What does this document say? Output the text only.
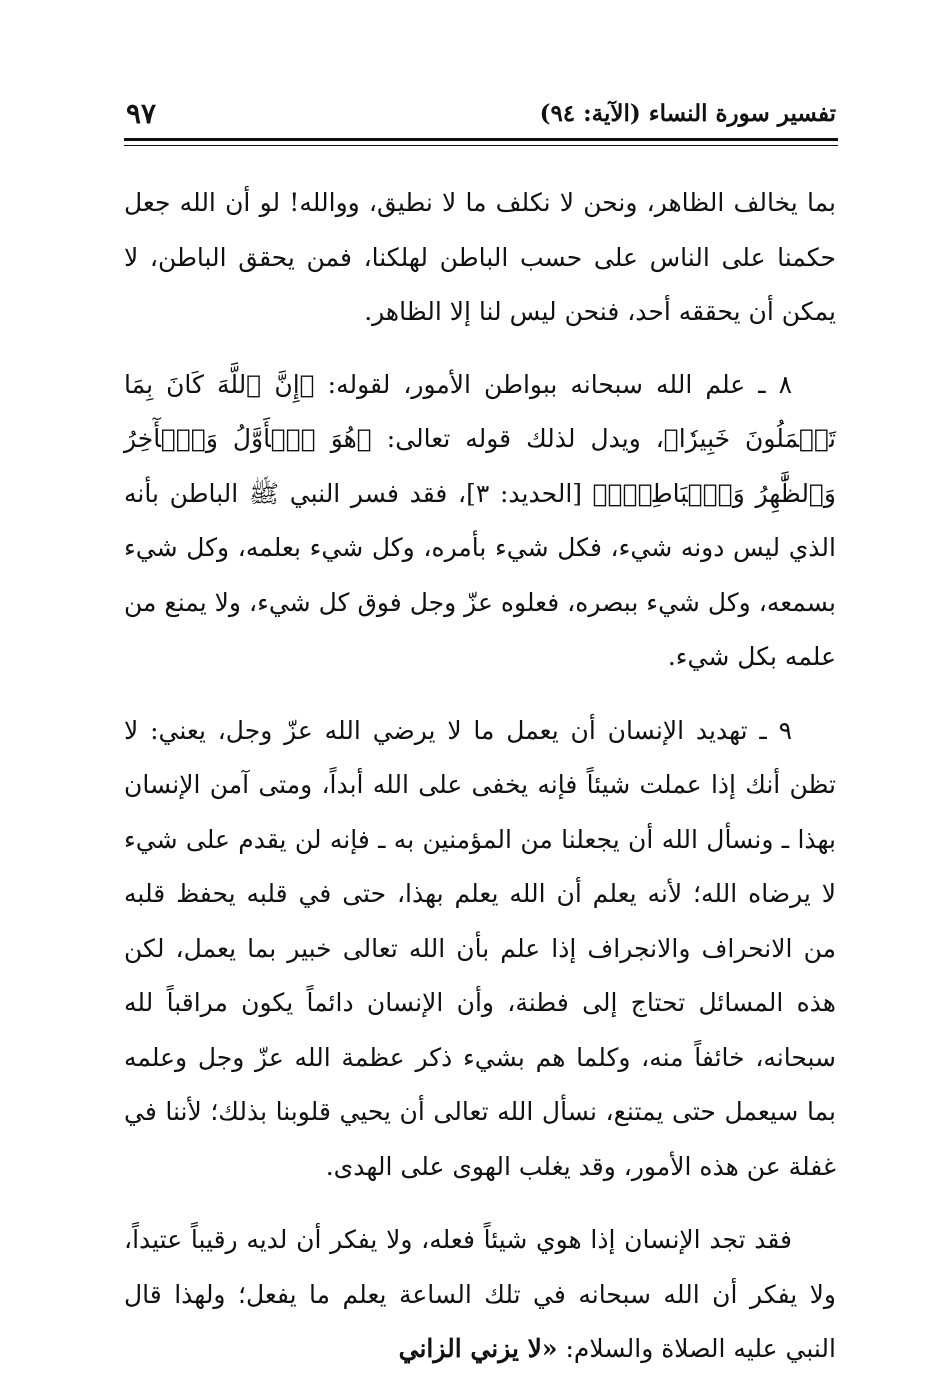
تفسير سورة النساء (الآية: ٩٤)
٩٧

بما يخالف الظاهر، ونحن لا نكلف ما لا نطيق، ووالله! لو أن الله جعل حكمنا على الناس على حسب الباطن لهلكنا، فمن يحقق الباطن، لا يمكن أن يحققه أحد، فنحن ليس لنا إلا الظاهر.

٨ ـ علم الله سبحانه ببواطن الأمور، لقوله: ﴿إِنَّ ٱللَّهَ كَانَ بِمَا تَعۡمَلُونَ خَبِيرٗا﴾، ويدل لذلك قوله تعالى: ﴿هُوَ ٱلۡأَوَّلُ وَٱلۡأٓخِرُ وَٱلظَّٰهِرُ وَٱلۡبَاطِنُۖ﴾ [الحديد: ٣]، فقد فسر النبي ﷺ الباطن بأنه الذي ليس دونه شيء، فكل شيء بأمره، وكل شيء بعلمه، وكل شيء بسمعه، وكل شيء ببصره، فعلوه عزّ وجل فوق كل شيء، ولا يمنع من علمه بكل شيء.

٩ ـ تهديد الإنسان أن يعمل ما لا يرضي الله عزّ وجل، يعني: لا تظن أنك إذا عملت شيئاً فإنه يخفى على الله أبداً، ومتى آمن الإنسان بهذا ـ ونسأل الله أن يجعلنا من المؤمنين به ـ فإنه لن يقدم على شيء لا يرضاه الله؛ لأنه يعلم أن الله يعلم بهذا، حتى في قلبه يحفظ قلبه من الانحراف والانجراف إذا علم بأن الله تعالى خبير بما يعمل، لكن هذه المسائل تحتاج إلى فطنة، وأن الإنسان دائماً يكون مراقباً لله سبحانه، خائفاً منه، وكلما هم بشيء ذكر عظمة الله عزّ وجل وعلمه بما سيعمل حتى يمتنع، نسأل الله تعالى أن يحيي قلوبنا بذلك؛ لأننا في غفلة عن هذه الأمور، وقد يغلب الهوى على الهدى.

فقد تجد الإنسان إذا هوي شيئاً فعله، ولا يفكر أن لديه رقيباً عتيداً، ولا يفكر أن الله سبحانه في تلك الساعة يعلم ما يفعل؛ ولهذا قال النبي عليه الصلاة والسلام: «لا يزني الزاني
